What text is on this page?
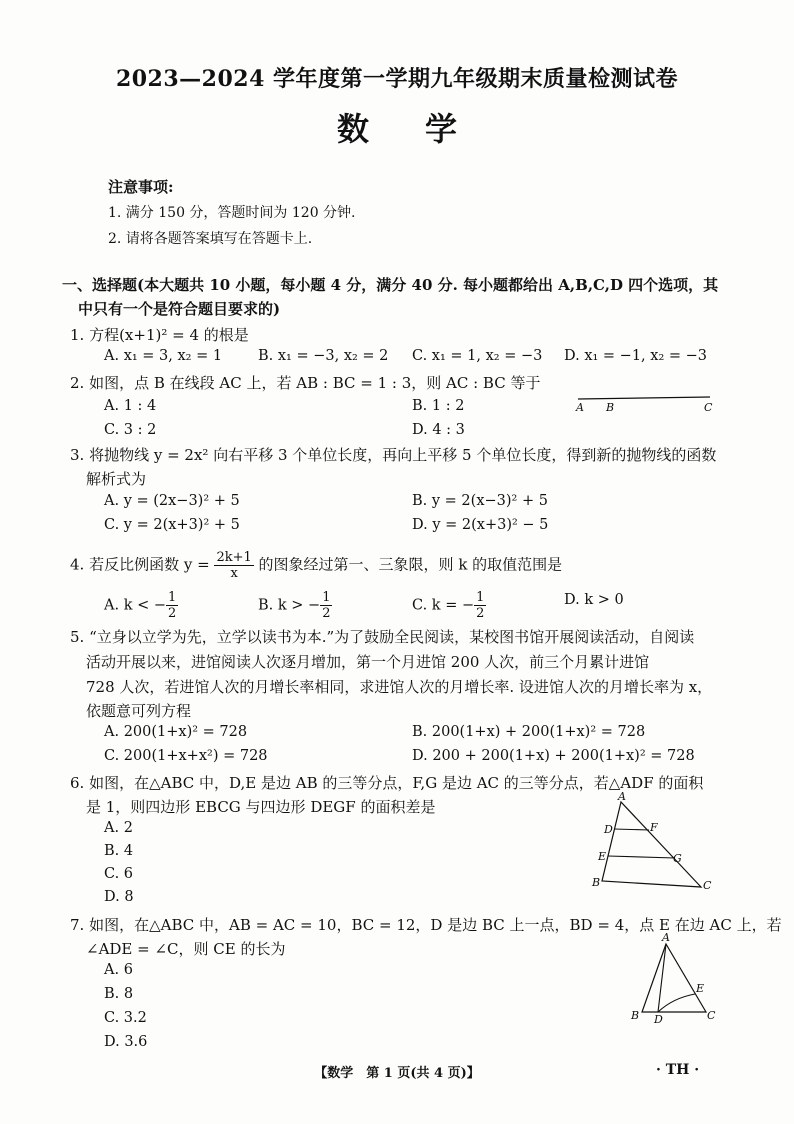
2023—2024 学年度第一学期九年级期末质量检测试卷
数学
注意事项:
1. 满分 150 分，答题时间为 120 分钟.
2. 请将各题答案填写在答题卡上.
一、选择题(本大题共 10 小题，每小题 4 分，满分 40 分. 每小题都给出 A,B,C,D 四个选项，其
中只有一个是符合题目要求的)
1. 方程(x+1)² = 4 的根是
A. x₁ = 3, x₂ = 1 B. x₁ = −3, x₂ = 2 C. x₁ = 1, x₂ = −3 D. x₁ = −1, x₂ = −3
2. 如图，点 B 在线段 AC 上，若 AB : BC = 1 : 3，则 AC : BC 等于
A. 1 : 4	B. 1 : 2
C. 3 : 2	D. 4 : 3
A B	C
3. 将抛物线 y = 2x² 向右平移 3 个单位长度，再向上平移 5 个单位长度，得到新的抛物线的函数
解析式为
A. y = (2x−3)² + 5	B. y = 2(x−3)² + 5
C. y = 2(x+3)² + 5	D. y = 2(x+3)² − 5
4. 若反比例函数 $y = \frac{2k+1}{x}$ 的图象经过第一、三象限，则 k 的取值范围是
A. k < − $\frac{1}{2}$	B. k > − $\frac{1}{2}$	C. k = − $\frac{1}{2}$	D. k > 0
5. “立身以立学为先，立学以读书为本.”为了鼓励全民阅读，某校图书馆开展阅读活动，自阅读
活动开展以来，进馆阅读人次逐月增加，第一个月进馆 200 人次，前三个月累计进馆
728 人次，若进馆人次的月增长率相同，求进馆人次的月增长率. 设进馆人次的月增长率为 x，
依题意可列方程
A. 200(1+x)² = 728	B. 200(1+x) + 200(1+x)² = 728
C. 200(1+x+x²) = 728	D. 200 + 200(1+x) + 200(1+x)² = 728
6. 如图，在△ABC 中，D,E 是边 AB 的三等分点，F,G 是边 AC 的三等分点，若△ADF 的面积
是 1，则四边形 EBCG 与四边形 DEGF 的面积差是
A. 2
B. 4
C. 6
D. 8
A
D	F
E	G
B	C
7. 如图，在△ABC 中，AB = AC = 10，BC = 12，D 是边 BC 上一点，BD = 4，点 E 在边 AC 上，若
∠ADE = ∠C，则 CE 的长为
A. 6
B. 8
C. 3.2
D. 3.6
A
E
B D	C
【数学　第 1 页(共 4 页)】	· TH ·
